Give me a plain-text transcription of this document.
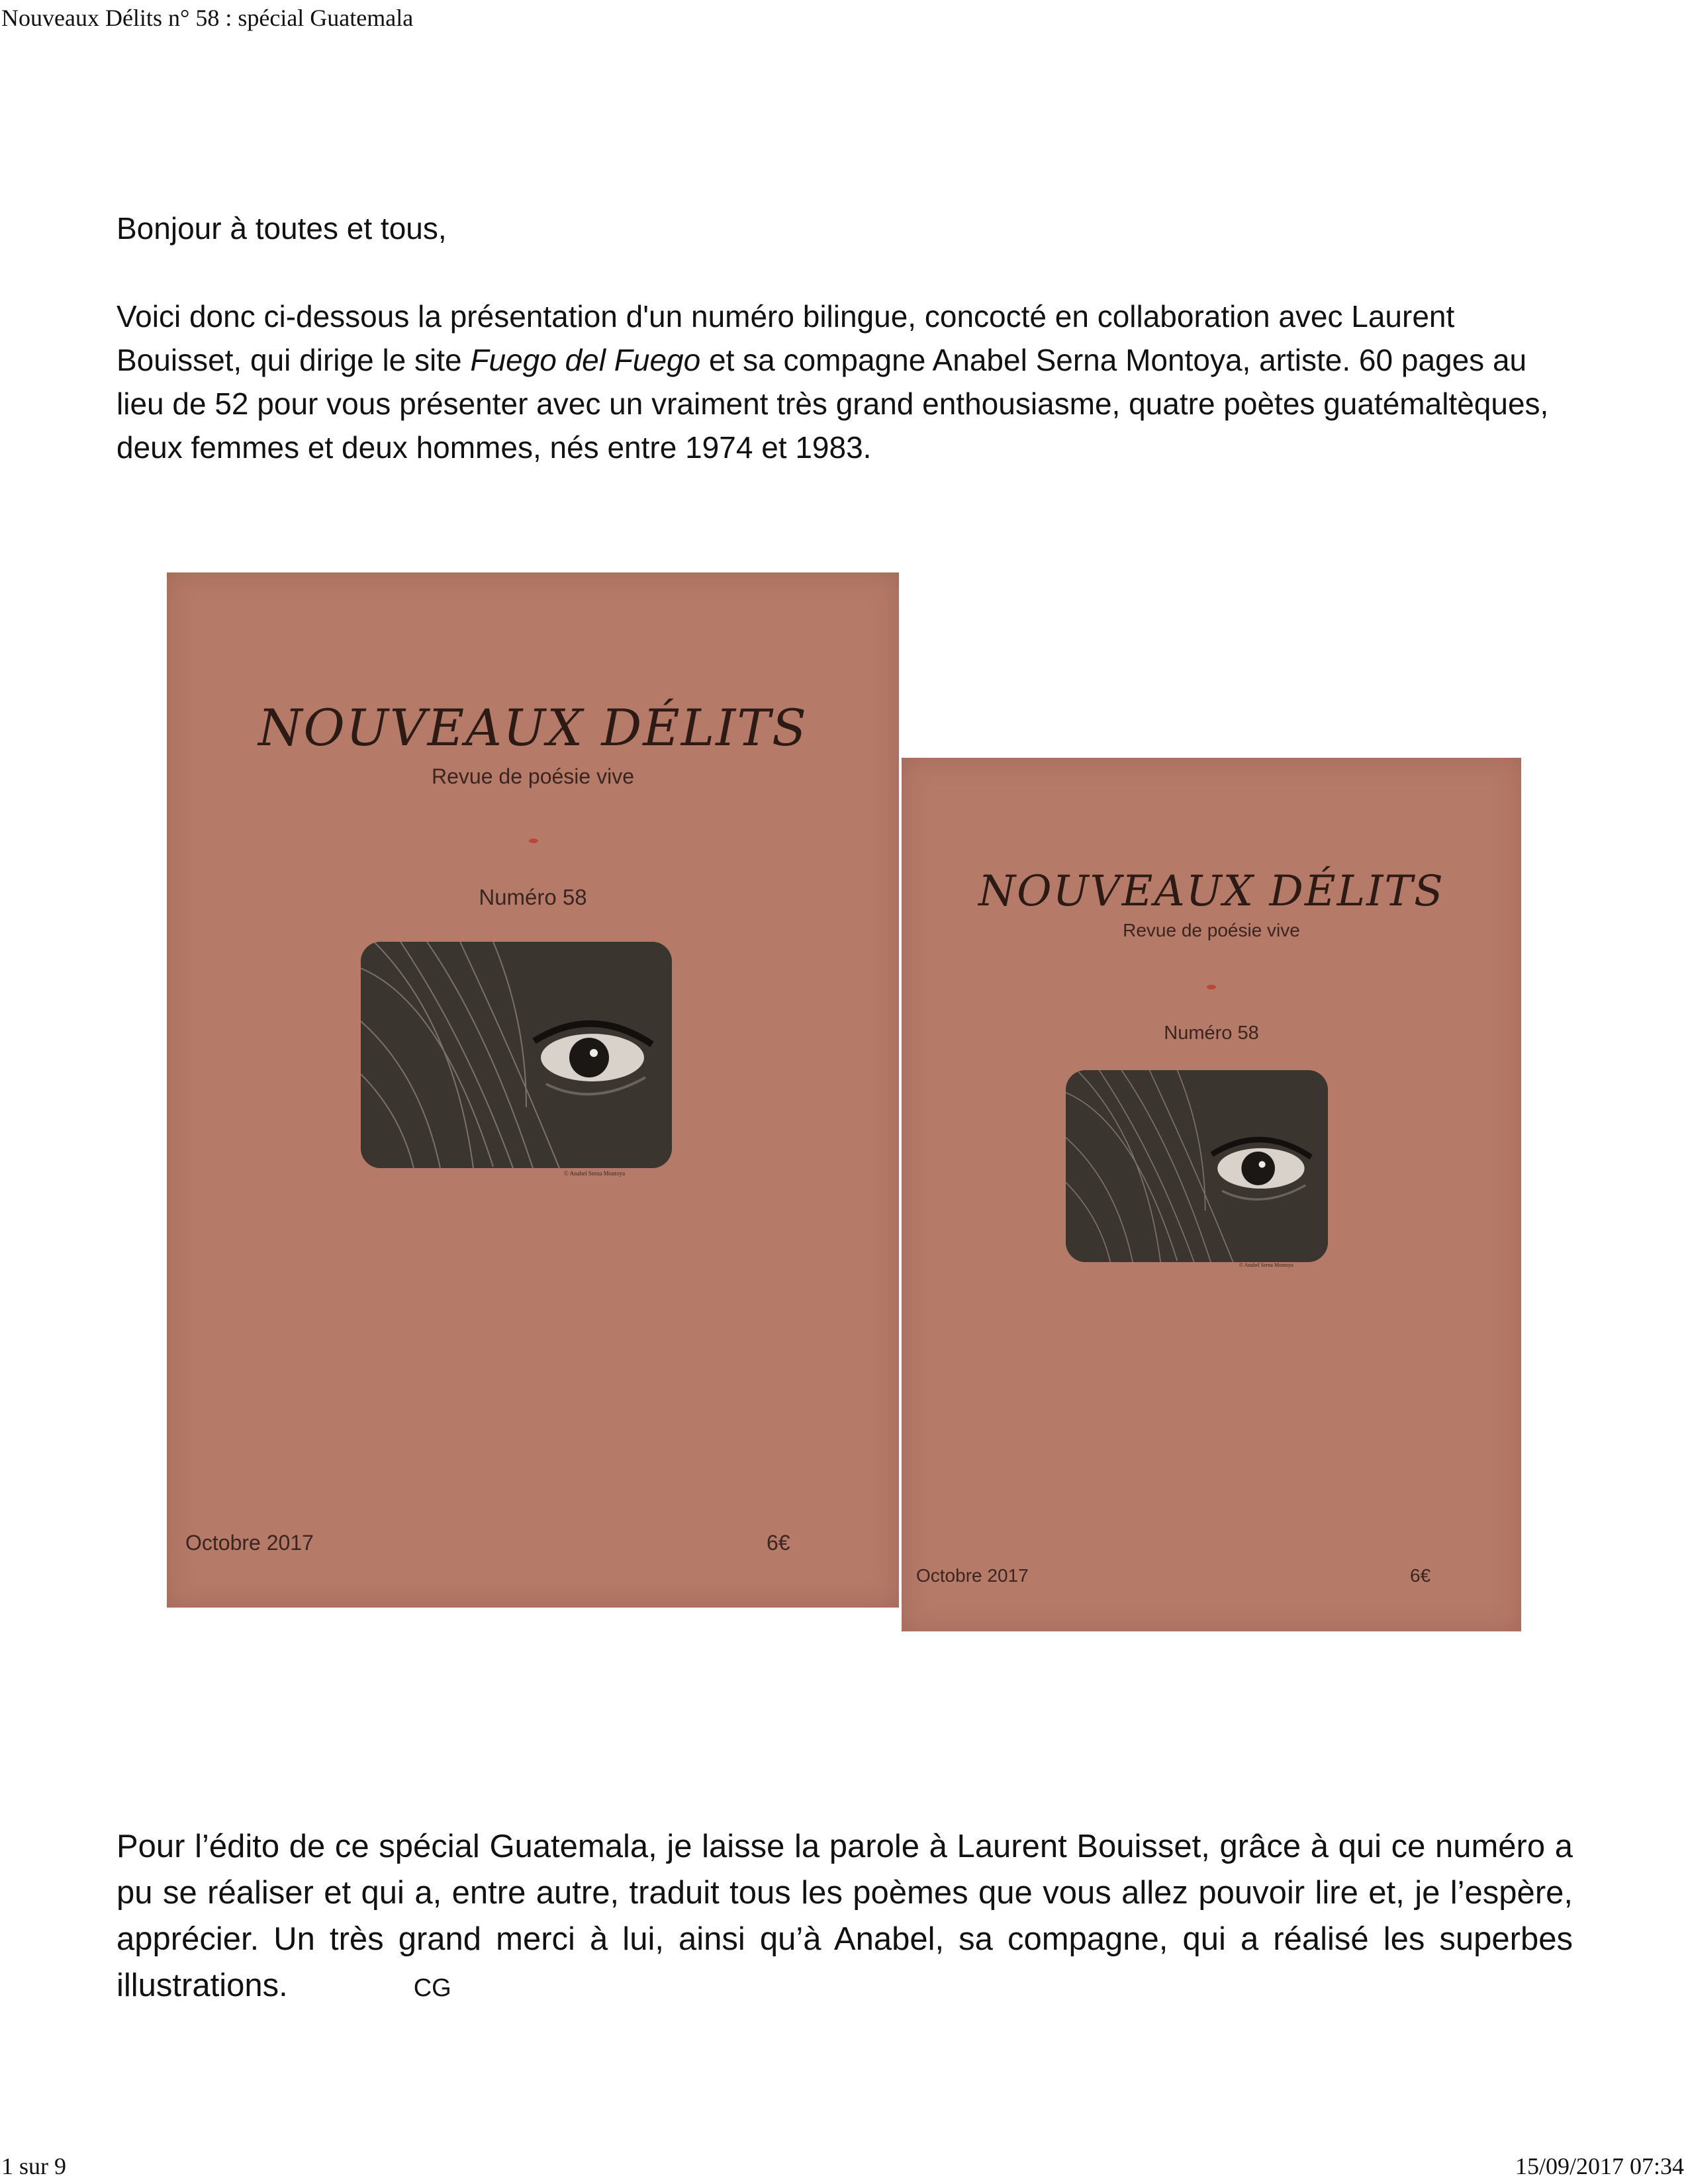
Nouveaux Délits n° 58 : spécial Guatemala

Bonjour à toutes et tous,

Voici donc ci-dessous la présentation d'un numéro bilingue, concocté en collaboration avec Laurent Bouisset, qui dirige le site Fuego del Fuego et sa compagne Anabel Serna Montoya, artiste. 60 pages au lieu de 52 pour vous présenter avec un vraiment très grand enthousiasme, quatre poètes guatémaltèques, deux femmes et deux hommes, nés entre 1974 et 1983.

NOUVEAUX DÉLITS
Revue de poésie vive
Numéro 58
© Anabel Serna Montoya
Octobre 2017	6€
NOUVEAUX DÉLITS
Revue de poésie vive
Numéro 58
© Anabel Serna Montoya
Octobre 2017	6€

Pour l’édito de ce spécial Guatemala, je laisse la parole à Laurent Bouisset, grâce à qui ce numéro a pu se réaliser et qui a, entre autre, traduit tous les poèmes que vous allez pouvoir lire et, je l’espère, apprécier. Un très grand merci à lui, ainsi qu’à Anabel, sa compagne, qui a réalisé les superbes illustrations.	CG

1 sur 9	15/09/2017 07:34
